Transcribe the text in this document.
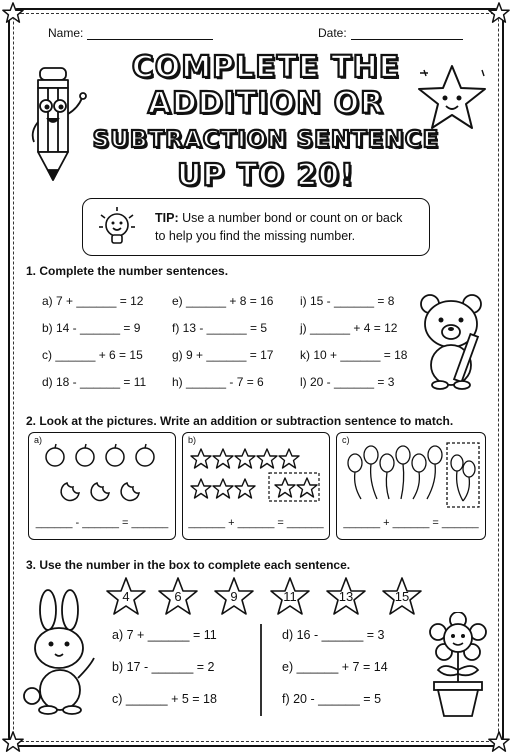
Name:	Date:
COMPLETE THE
ADDITION OR
SUBTRACTION SENTENCE
UP TO 20!
TIP: Use a number bond or count on or back
to help you find the missing number.
1. Complete the number sentences.
a) 7 + ______ = 12 e) ______ + 8 = 16 i) 15 - ______ = 8
b) 14 - ______ = 9	f) 13 - ______ = 5	j) ______ + 4 = 12
c) ______ + 6 = 15 g) 9 + ______ = 17 k) 10 + ______ = 18
d) 18 - ______ = 11 h) ______ - 7 = 6	l) 20 - ______ = 3
2. Look at the pictures. Write an addition or subtraction sentence to match.
a)
______ - ______ = ______
b)
______ + ______ = ______
c)
______ + ______ = ______
3. Use the number in the box to complete each sentence.
4	6	9	11	13	15
a) 7 + ______ = 11	d) 16 - ______ = 3
b) 17 - ______ = 2	e) ______ + 7 = 14
c) ______ + 5 = 18	f) 20 - ______ = 5
